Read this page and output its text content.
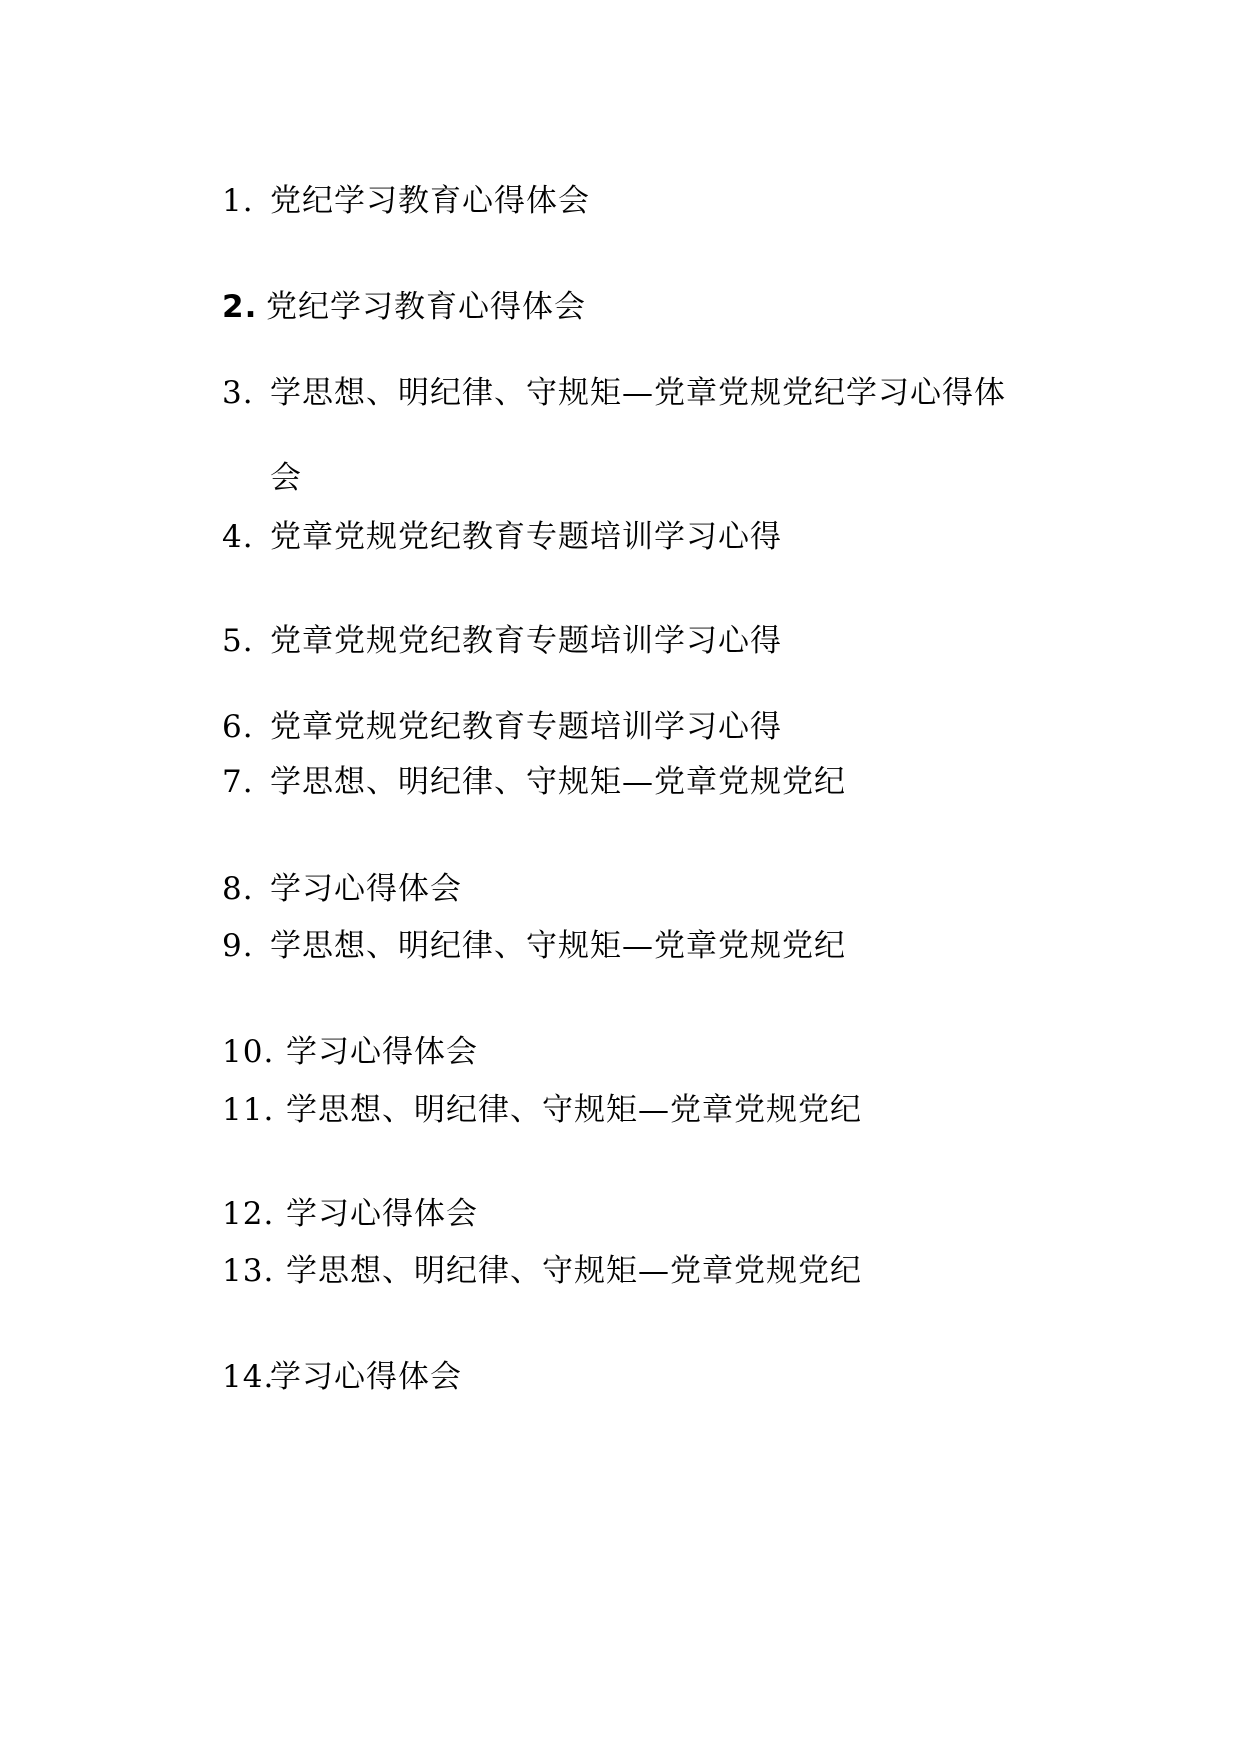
1. 党纪学习教育心得体会
2. 党纪学习教育心得体会
3. 学思想、明纪律、守规矩—党章党规党纪学习心得体
会
4. 党章党规党纪教育专题培训学习心得
5. 党章党规党纪教育专题培训学习心得
6. 党章党规党纪教育专题培训学习心得
7. 学思想、明纪律、守规矩—党章党规党纪
8. 学习心得体会
9. 学思想、明纪律、守规矩—党章党规党纪
10. 学习心得体会
11. 学思想、明纪律、守规矩—党章党规党纪
12. 学习心得体会
13. 学思想、明纪律、守规矩—党章党规党纪
14.
学习心得体会
